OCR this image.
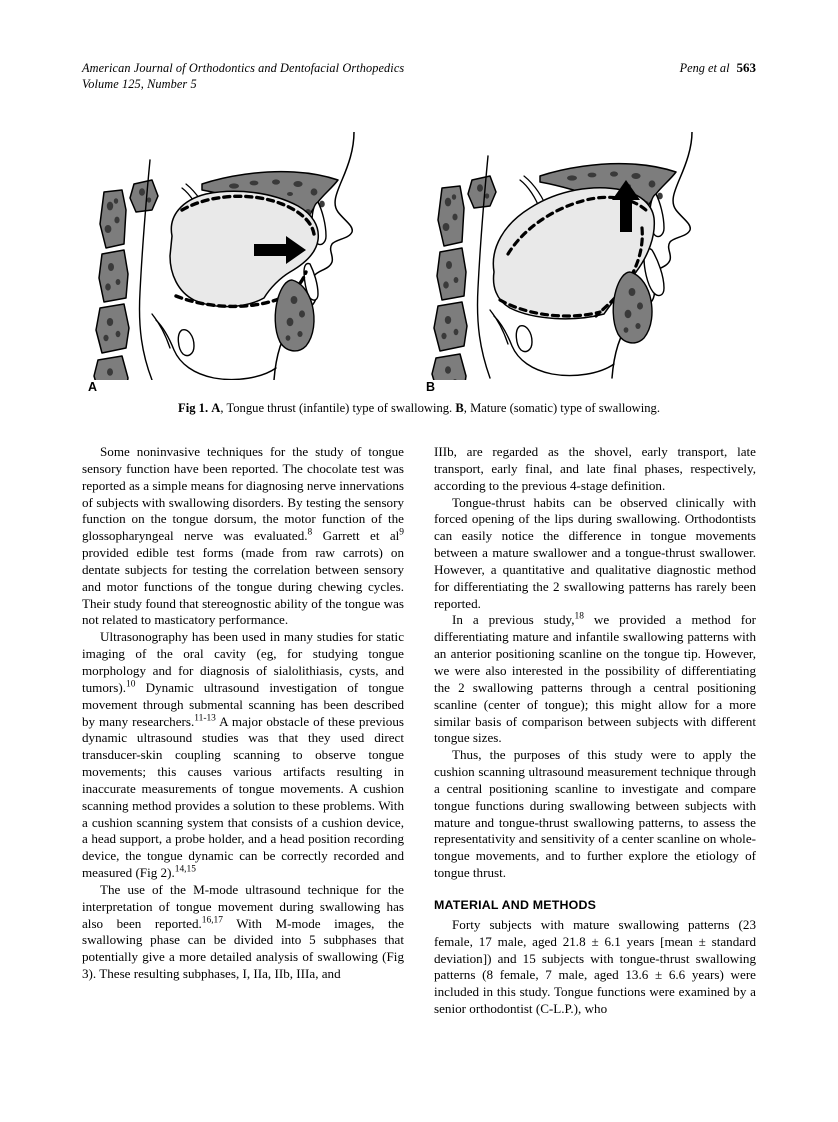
American Journal of Orthodontics and Dentofacial Orthopedics
Volume 125, Number 5
Peng et al 563
A	B
Fig 1. A, Tongue thrust (infantile) type of swallowing. B, Mature (somatic) type of swallowing.

Some noninvasive techniques for the study of tongue sensory function have been reported. The chocolate test was reported as a simple means for diagnosing nerve innervations of subjects with swallowing disorders. By testing the sensory function on the tongue dorsum, the motor function of the glossopharyngeal nerve was evaluated.$^8$ Garrett et $al^9$ provided edible test forms (made from raw carrots) on dentate subjects for testing the correlation between sensory and motor functions of the tongue during chewing cycles. Their study found that stereognostic ability of the tongue was not related to masticatory performance.

Ultrasonography has been used in many studies for static imaging of the oral cavity (eg, for studying tongue morphology and for diagnosis of sialolithiasis, cysts, and tumors).$^{10}$ Dynamic ultrasound investigation of tongue movement through submental scanning has been described by many researchers.$^{11-13}$ A major obstacle of these previous dynamic ultrasound studies was that they used direct transducer-skin coupling scanning to observe tongue movements; this causes various artifacts resulting in inaccurate measurements of tongue movements. A cushion scanning method provides a solution to these problems. With a cushion scanning system that consists of a cushion device, a head support, a probe holder, and a head position recording device, the tongue dynamic can be correctly recorded and measured (Fig 2).$^{14,15}$

The use of the M-mode ultrasound technique for the interpretation of tongue movement during swallowing has also been reported.$^{16,17}$ With M-mode images, the swallowing phase can be divided into 5 subphases that potentially give a more detailed analysis of swallowing (Fig 3). These resulting subphases, I, IIa, IIb, IIIa, and

IIIb, are regarded as the shovel, early transport, late transport, early final, and late final phases, respectively, according to the previous 4-stage definition.

Tongue-thrust habits can be observed clinically with forced opening of the lips during swallowing. Orthodontists can easily notice the difference in tongue movements between a mature swallower and a tongue-thrust swallower. However, a quantitative and qualitative diagnostic method for differentiating the 2 swallowing patterns has rarely been reported.

In a previous study,$^{18}$ we provided a method for differentiating mature and infantile swallowing patterns with an anterior positioning scanline on the tongue tip. However, we were also interested in the possibility of differentiating the 2 swallowing patterns through a central positioning scanline (center of tongue); this might allow for a more similar basis of comparison between subjects with different tongue sizes.

Thus, the purposes of this study were to apply the cushion scanning ultrasound measurement technique through a central positioning scanline to investigate and compare tongue functions during swallowing between subjects with mature and tongue-thrust swallowing patterns, to assess the representativity and sensitivity of a center scanline on whole-tongue movements, and to further explore the etiology of tongue thrust.

MATERIAL AND METHODS

Forty subjects with mature swallowing patterns (23 female, 17 male, aged 21.8 ± 6.1 years [mean ± standard deviation]) and 15 subjects with tongue-thrust swallowing patterns (8 female, 7 male, aged 13.6 ± 6.6 years) were included in this study. Tongue functions were examined by a senior orthodontist (C-L.P.), who
